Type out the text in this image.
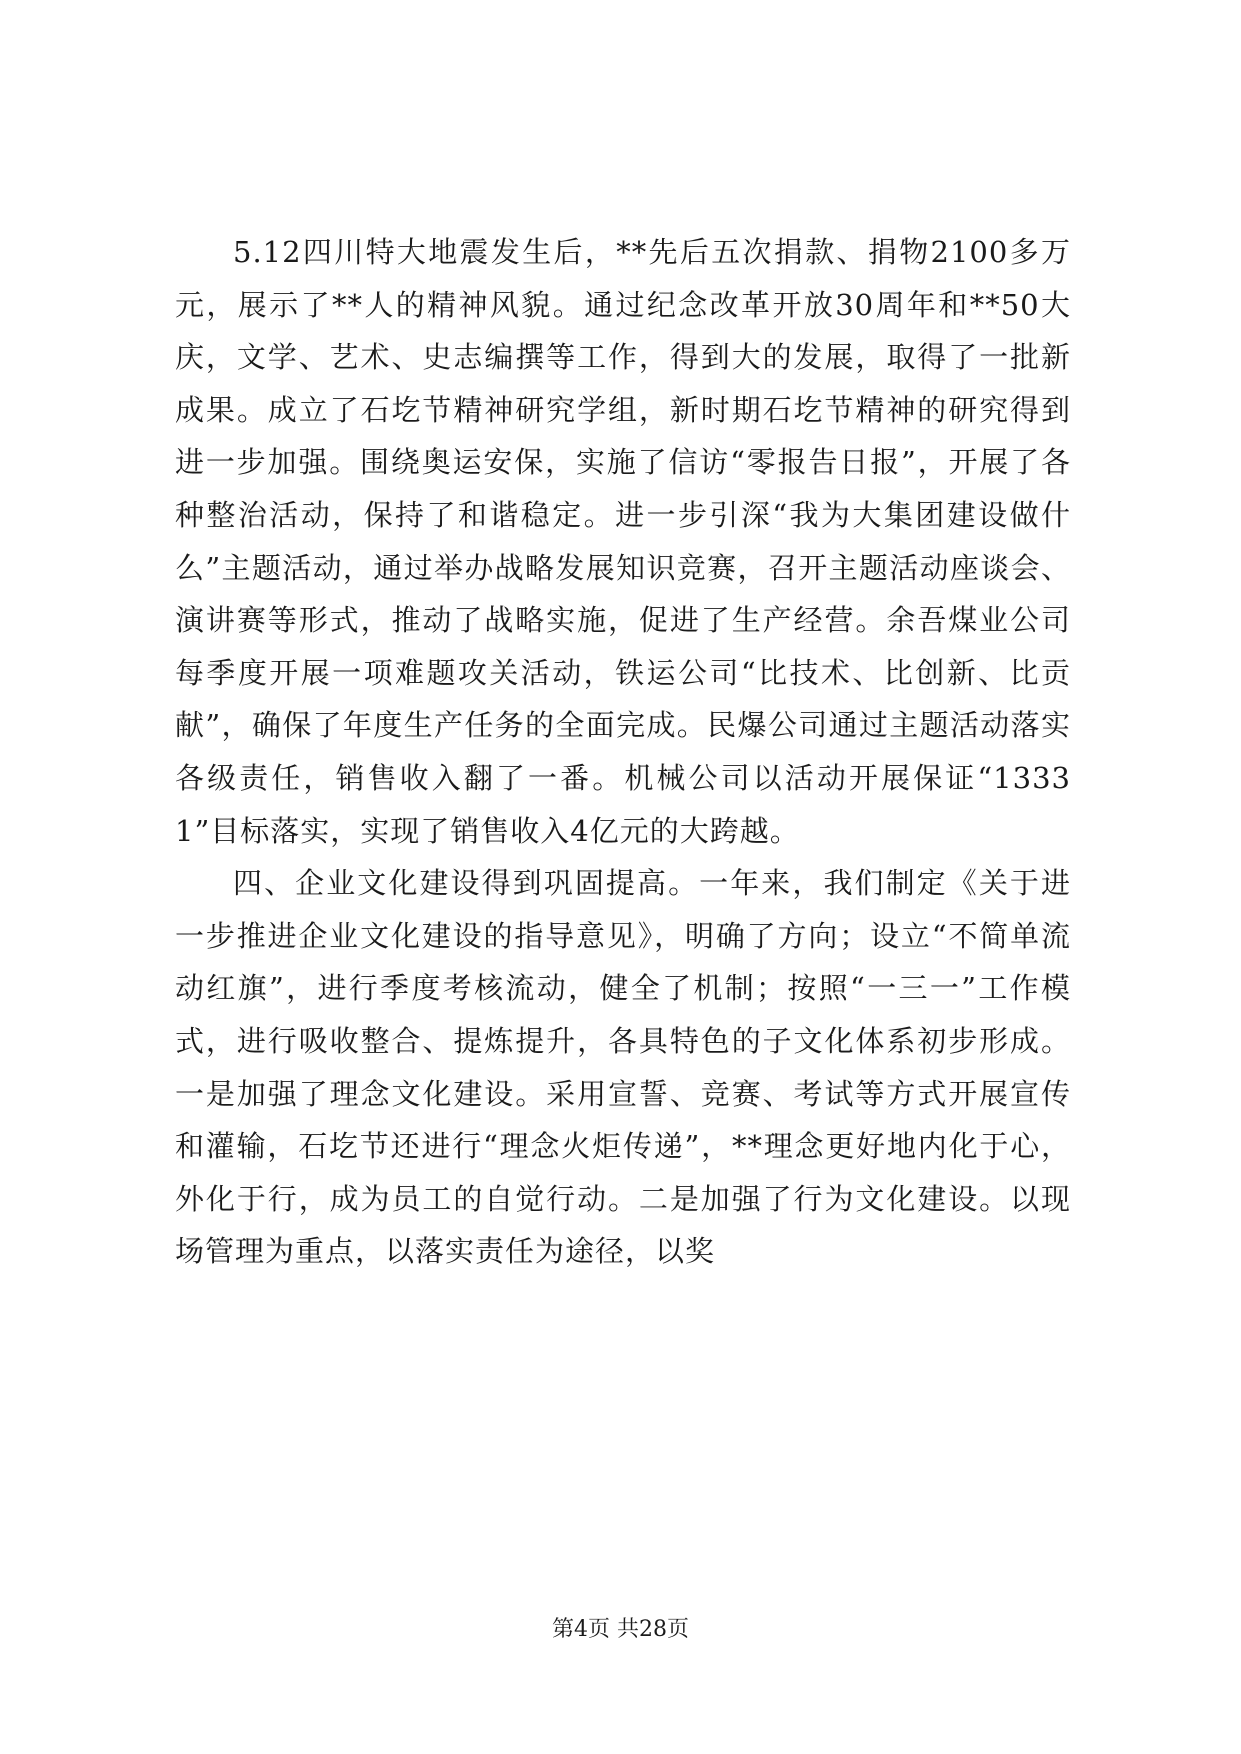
5.12四川特大地震发生后，**先后五次捐款、捐物2100多万元，展示了**人的精神风貌。通过纪念改革开放30周年和**50大庆，文学、艺术、史志编撰等工作，得到大的发展，取得了一批新成果。成立了石圪节精神研究学组，新时期石圪节精神的研究得到进一步加强。围绕奥运安保，实施了信访“零报告日报”，开展了各种整治活动，保持了和谐稳定。进一步引深“我为大集团建设做什么”主题活动，通过举办战略发展知识竞赛，召开主题活动座谈会、演讲赛等形式，推动了战略实施，促进了生产经营。余吾煤业公司每季度开展一项难题攻关活动，铁运公司“比技术、比创新、比贡献”，确保了年度生产任务的全面完成。民爆公司通过主题活动落实各级责任，销售收入翻了一番。机械公司以活动开展保证“13331”目标落实，实现了销售收入4亿元的大跨越。

四、企业文化建设得到巩固提高。一年来，我们制定《关于进一步推进企业文化建设的指导意见》，明确了方向；设立“不简单流动红旗”，进行季度考核流动，健全了机制；按照“一三一”工作模式，进行吸收整合、提炼提升，各具特色的子文化体系初步形成。一是加强了理念文化建设。采用宣誓、竞赛、考试等方式开展宣传和灌输，石圪节还进行“理念火炬传递”，**理念更好地内化于心，外化于行，成为员工的自觉行动。二是加强了行为文化建设。以现场管理为重点，以落实责任为途径，以奖

第4页 共28页
